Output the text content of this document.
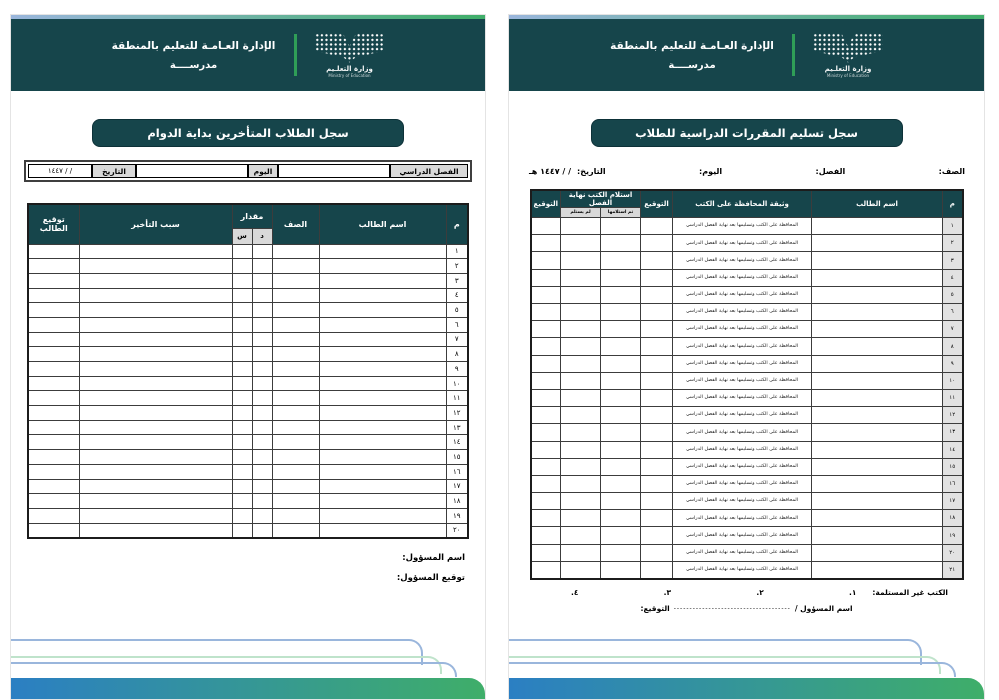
وزارة التعلـيم
Ministry of Education
الإدارة العـامـة للتعليم بالمنطقة
مدرســــة
سجل الطلاب المتأخرين بداية الدوام
الفصل الدراسي
اليوم
التاريخ
/ / ١٤٤٧
م	اسم الطالب	الصف	مقدار		سبب التأخير	توقيع الطالب
			د	س		
١						
٢						
٣						
٤						
٥						
٦						
٧						
٨						
٩						
١٠						
١١						
١٢						
١٣						
١٤						
١٥						
١٦						
١٧						
١٨						
١٩						
٢٠						
اسم المسؤول:
توقيع المسؤول:
وزارة التعلـيم
Ministry of Education
الإدارة العـامـة للتعليم بالمنطقة
مدرســــة
سجل تسليم المقررات الدراسية للطلاب
الصف:
الفصل:
اليوم:
التاريخ:
/ / ١٤٤٧ هـ
م	اسم الطالب	وثيقة المحافظة على الكتب	التوقيع	استلام الكتب نهاية الفصل		التوقيع
				تم استلامها	لم يستلم	
١		المحافظة على الكتب وتسليمها بعد نهاية الفصل الدراسي				
٢		المحافظة على الكتب وتسليمها بعد نهاية الفصل الدراسي				
٣		المحافظة على الكتب وتسليمها بعد نهاية الفصل الدراسي				
٤		المحافظة على الكتب وتسليمها بعد نهاية الفصل الدراسي				
٥		المحافظة على الكتب وتسليمها بعد نهاية الفصل الدراسي				
٦		المحافظة على الكتب وتسليمها بعد نهاية الفصل الدراسي				
٧		المحافظة على الكتب وتسليمها بعد نهاية الفصل الدراسي				
٨		المحافظة على الكتب وتسليمها بعد نهاية الفصل الدراسي				
٩		المحافظة على الكتب وتسليمها بعد نهاية الفصل الدراسي				
١٠		المحافظة على الكتب وتسليمها بعد نهاية الفصل الدراسي				
١١		المحافظة على الكتب وتسليمها بعد نهاية الفصل الدراسي				
١٢		المحافظة على الكتب وتسليمها بعد نهاية الفصل الدراسي				
١٣		المحافظة على الكتب وتسليمها بعد نهاية الفصل الدراسي				
١٤		المحافظة على الكتب وتسليمها بعد نهاية الفصل الدراسي				
١٥		المحافظة على الكتب وتسليمها بعد نهاية الفصل الدراسي				
١٦		المحافظة على الكتب وتسليمها بعد نهاية الفصل الدراسي				
١٧		المحافظة على الكتب وتسليمها بعد نهاية الفصل الدراسي				
١٨		المحافظة على الكتب وتسليمها بعد نهاية الفصل الدراسي				
١٩		المحافظة على الكتب وتسليمها بعد نهاية الفصل الدراسي				
٢٠		المحافظة على الكتب وتسليمها بعد نهاية الفصل الدراسي				
٢١		المحافظة على الكتب وتسليمها بعد نهاية الفصل الدراسي				
الكتب غير المستلمة:
١.
٢.
٣.
٤.
اسم المسؤول /
-------------------------------------
التوقيع:
